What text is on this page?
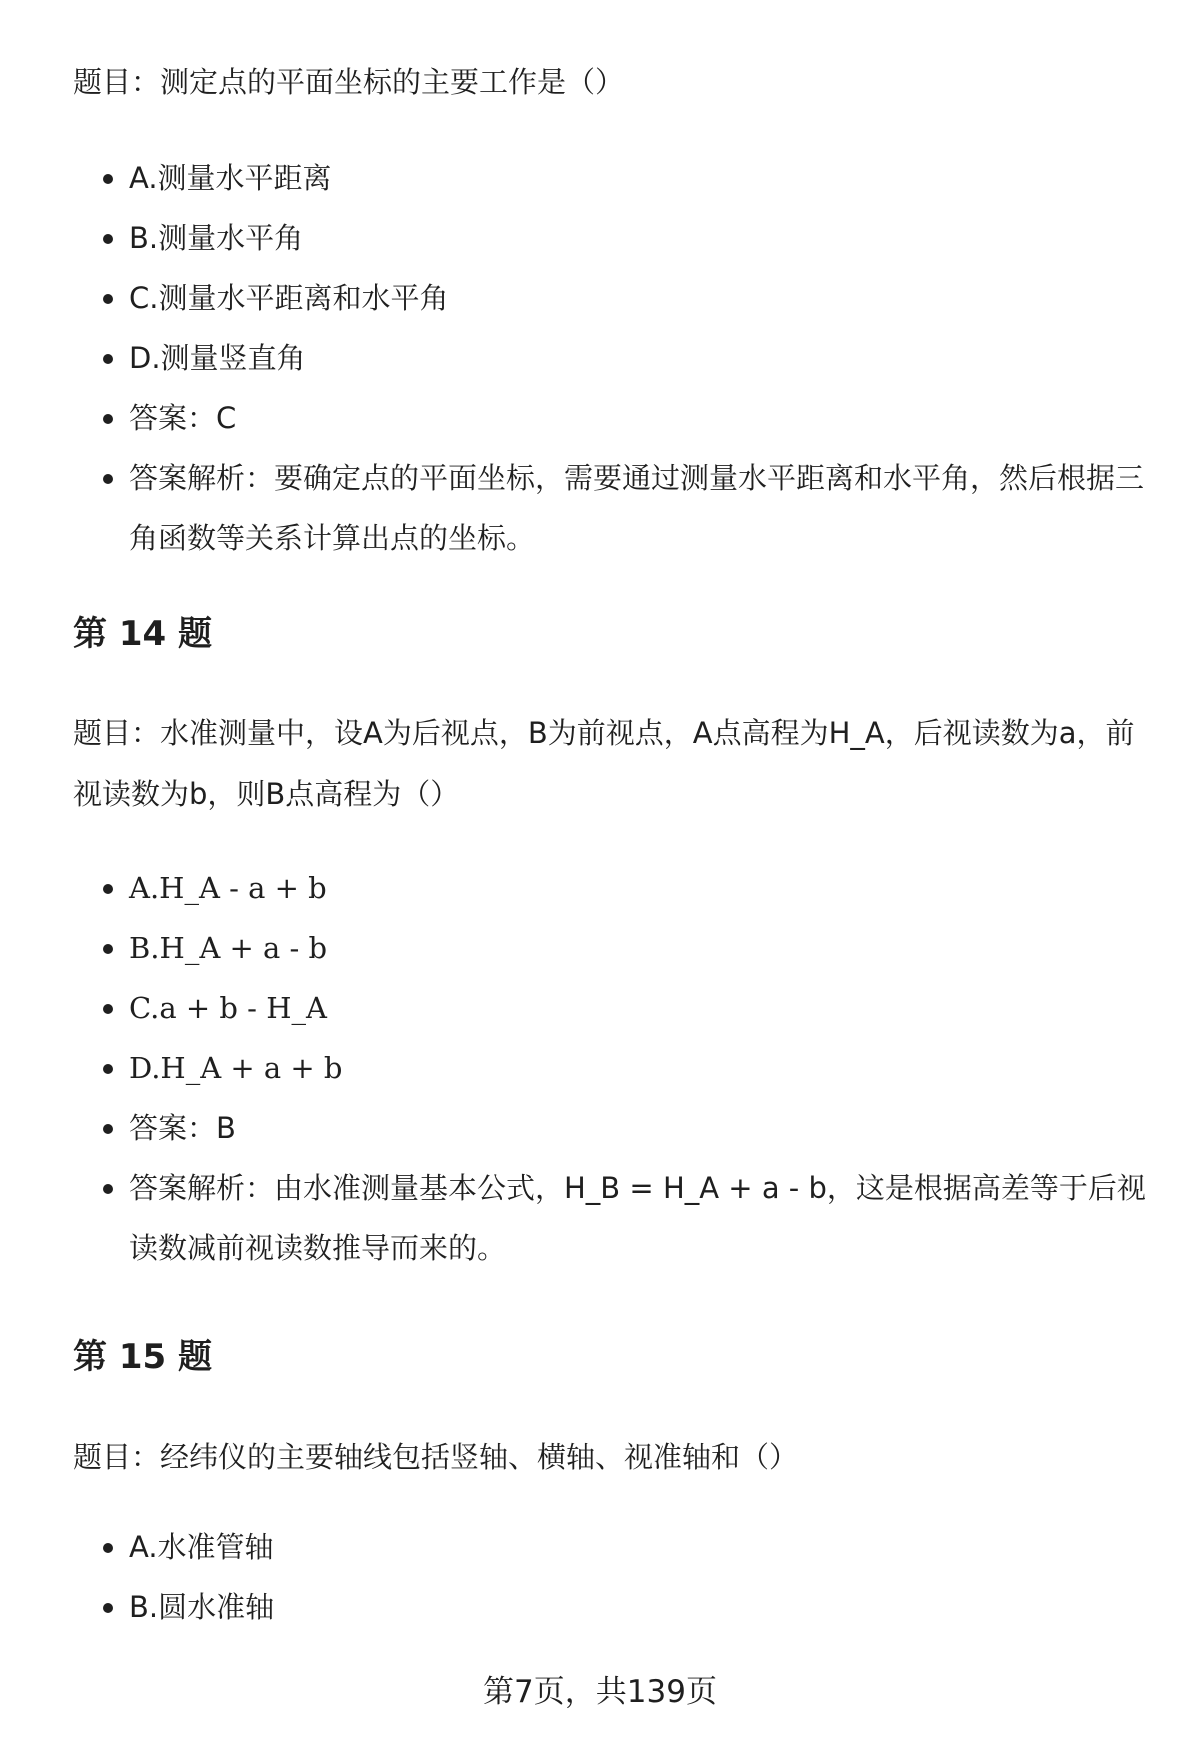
题目：测定点的平面坐标的主要工作是（）

A.测量水平距离
B.测量水平角
C.测量水平距离和水平角
D.测量竖直角
答案：C
答案解析：要确定点的平面坐标，需要通过测量水平距离和水平角，然后根据三角函数等关系计算出点的坐标。
第 14 题

题目：水准测量中，设A为后视点，B为前视点，A点高程为H_A，后视读数为a，前视读数为b，则B点高程为（）

A.H_A - a + b
B.H_A + a - b
C.a + b - H_A
D.H_A + a + b
答案：B
答案解析：由水准测量基本公式，H_B = H_A + a - b，这是根据高差等于后视读数减前视读数推导而来的。
第 15 题

题目：经纬仪的主要轴线包括竖轴、横轴、视准轴和（）

A.水准管轴
B.圆水准轴
第7页，共139页
